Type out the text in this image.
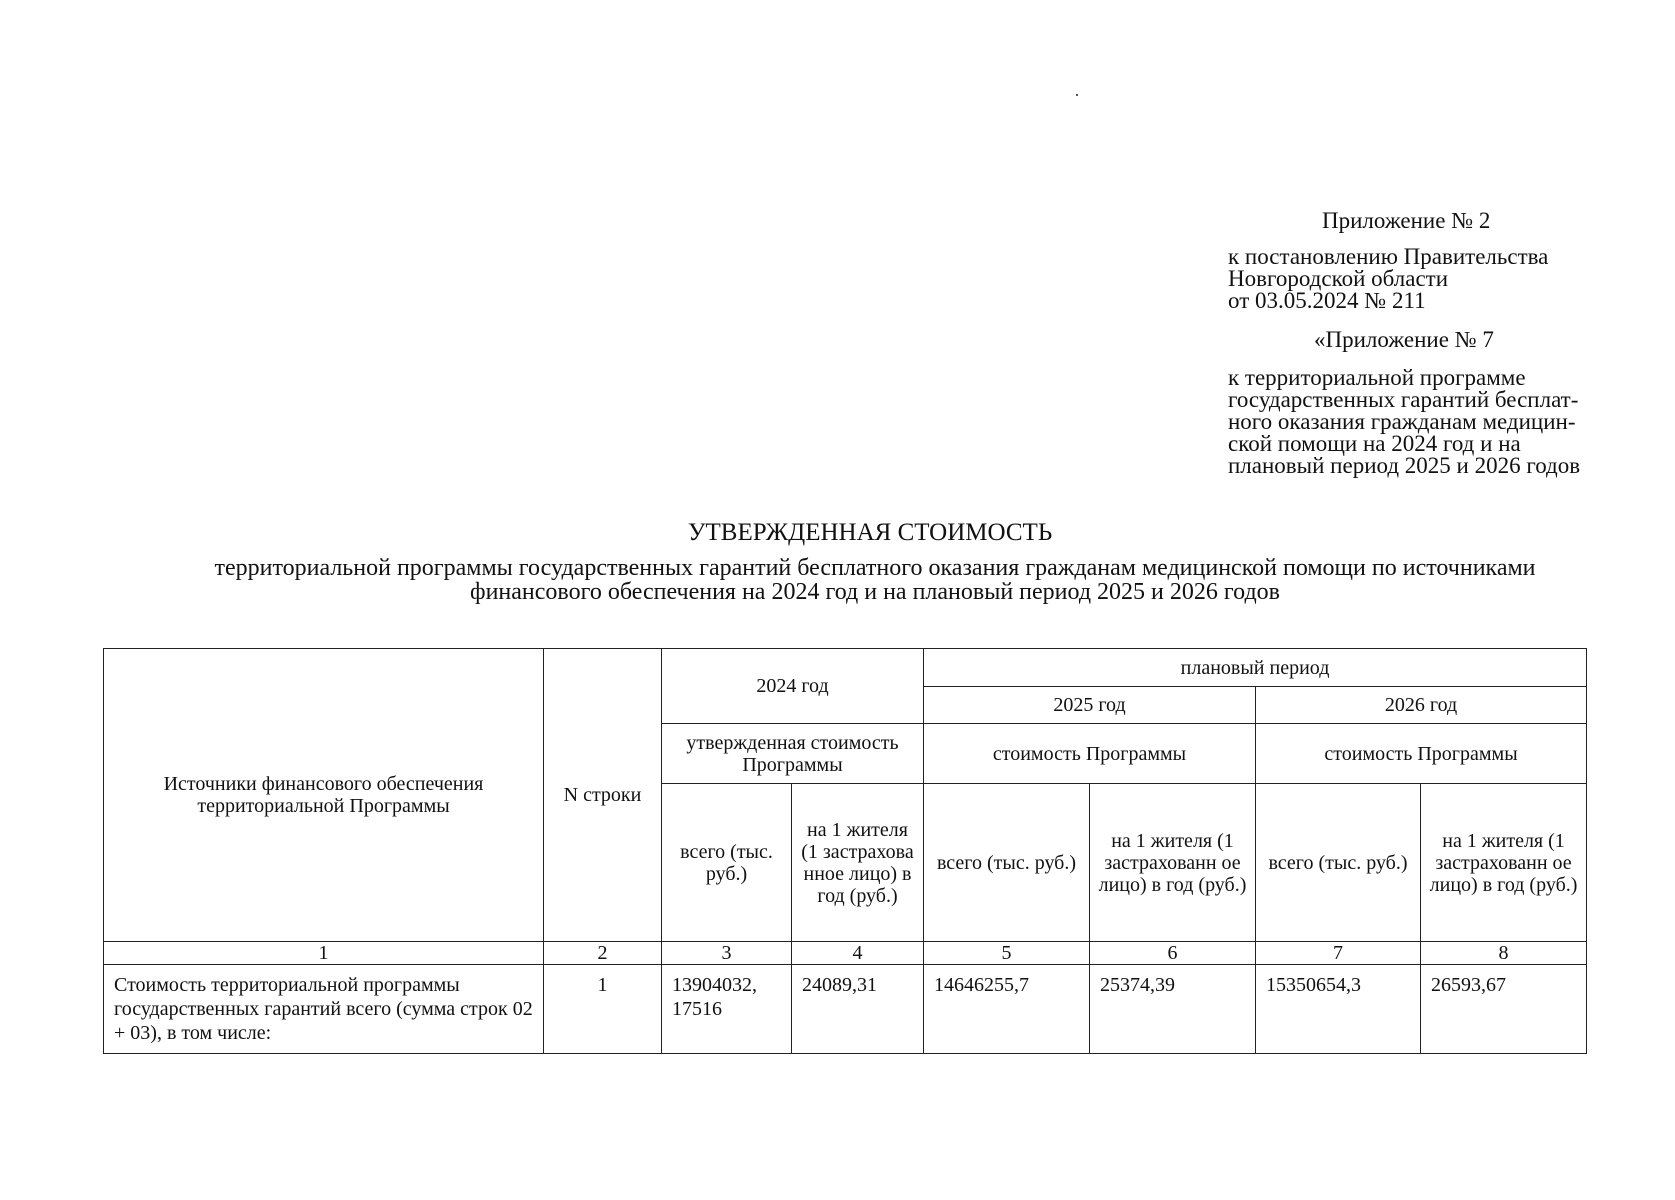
Приложение № 2
к постановлению Правительства
Новгородской области
от 03.05.2024 № 211
«Приложение № 7
к территориальной программе
государственных гарантий бесплат-
ного оказания гражданам медицин-
ской помощи на 2024 год и на
плановый период 2025 и 2026 годов
УТВЕРЖДЕННАЯ СТОИМОСТЬ
территориальной программы государственных гарантий бесплатного оказания гражданам медицинской помощи по источниками финансового обеспечения на 2024 год и на плановый период 2025 и 2026 годов
Источники финансового обеспечения территориальной Программы	N строки	2024 год		плановый период			
				2025 год		2026 год	
		утвержденная стоимость Программы		стоимость Программы		стоимость Программы	
		всего (тыс. руб.)	на 1 жителя (1 застрахова нное лицо) в год (руб.)	всего (тыс. руб.)	на 1 жителя (1 застрахованн ое лицо) в год (руб.)	всего (тыс. руб.)	на 1 жителя (1 застрахованн ое лицо) в год (руб.)
1	2	3	4	5	6	7	8
Стоимость территориальной программы государственных гарантий всего (сумма строк 02 + 03), в том числе:	1	13904032, 17516	24089,31	14646255,7	25374,39	15350654,3	26593,67
